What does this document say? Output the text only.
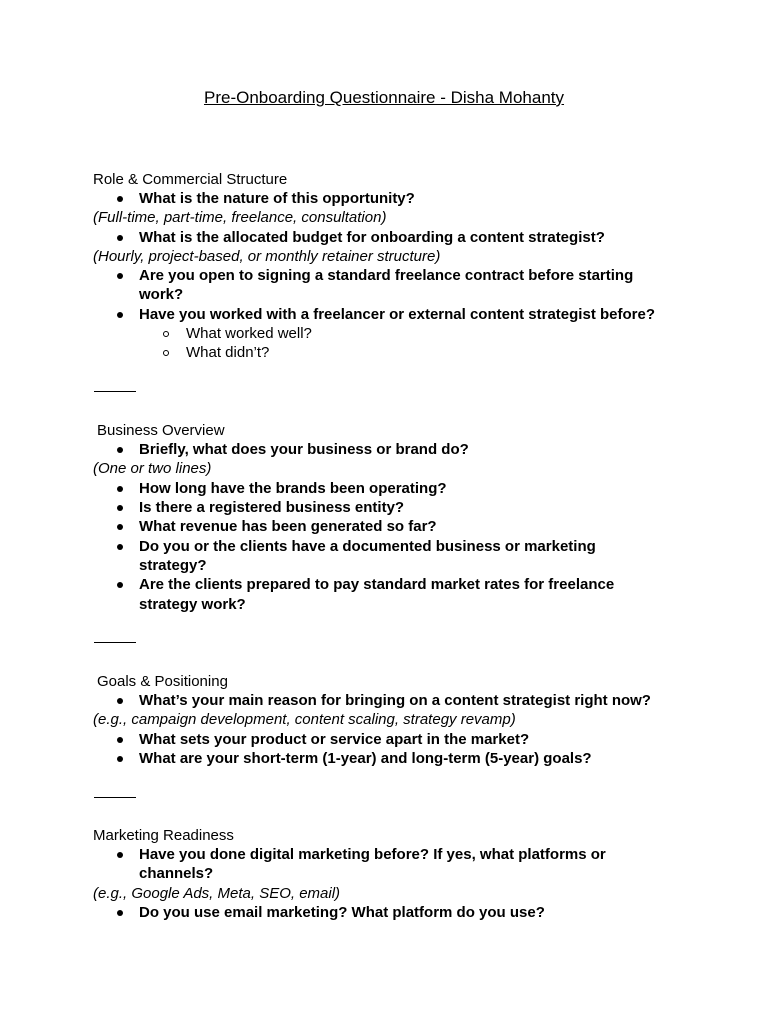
Pre-Onboarding Questionnaire - Disha Mohanty
Role & Commercial Structure
What is the nature of this opportunity?
(Full-time, part-time, freelance, consultation)
What is the allocated budget for onboarding a content strategist?
(Hourly, project-based, or monthly retainer structure)
Are you open to signing a standard freelance contract before starting
work?
Have you worked with a freelancer or external content strategist before?
What worked well?
What didn’t?
Business Overview
Briefly, what does your business or brand do?
(One or two lines)
How long have the brands been operating?
Is there a registered business entity?
What revenue has been generated so far?
Do you or the clients have a documented business or marketing
strategy?
Are the clients prepared to pay standard market rates for freelance
strategy work?
Goals & Positioning
What’s your main reason for bringing on a content strategist right now?
(e.g., campaign development, content scaling, strategy revamp)
What sets your product or service apart in the market?
What are your short-term (1-year) and long-term (5-year) goals?
Marketing Readiness
Have you done digital marketing before? If yes, what platforms or
channels?
(e.g., Google Ads, Meta, SEO, email)
Do you use email marketing? What platform do you use?
